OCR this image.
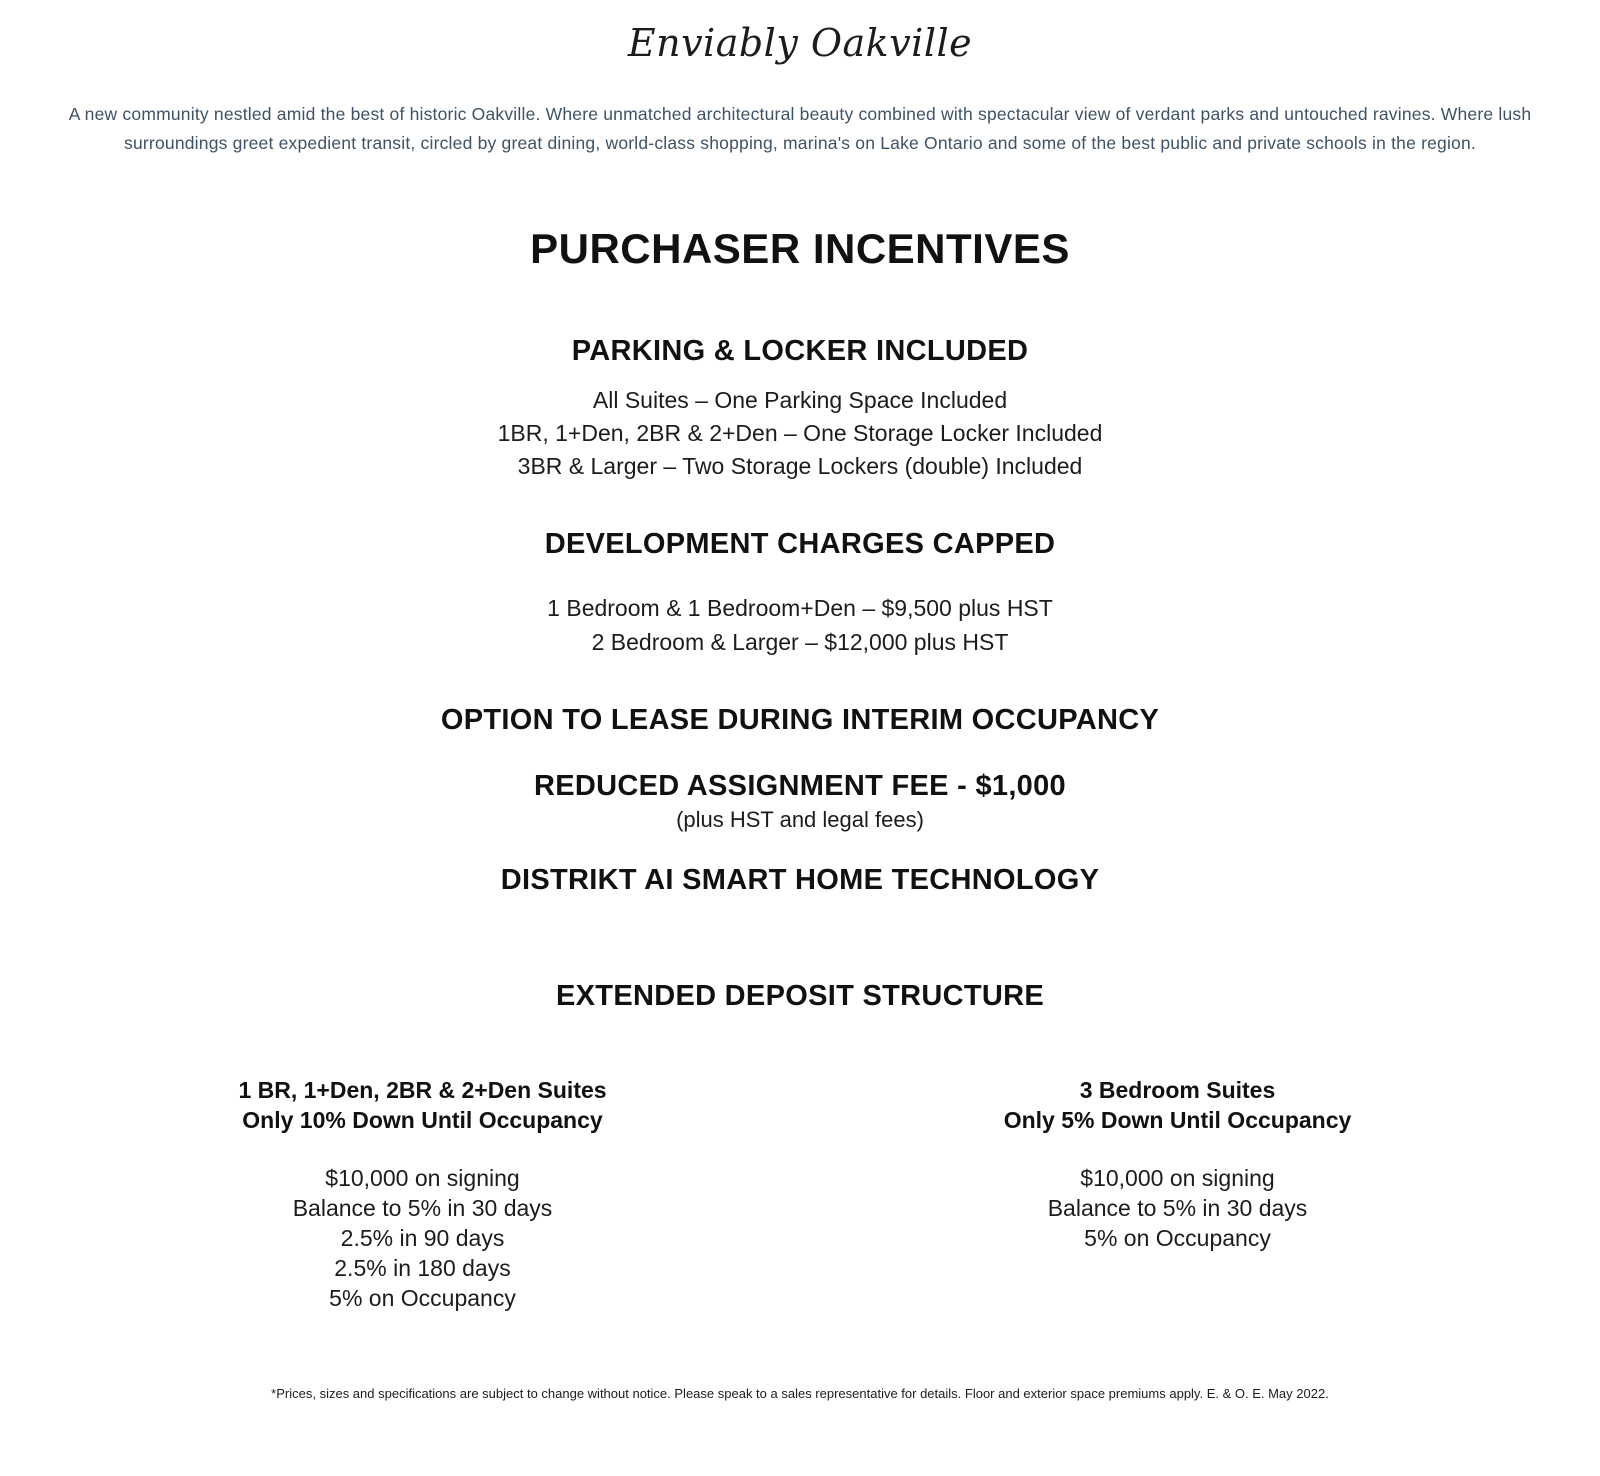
Enviably Oakville
A new community nestled amid the best of historic Oakville. Where unmatched architectural beauty combined with spectacular view of verdant parks and untouched ravines. Where lush surroundings greet expedient transit, circled by great dining, world-class shopping, marina's on Lake Ontario and some of the best public and private schools in the region.
PURCHASER INCENTIVES
PARKING & LOCKER INCLUDED
All Suites – One Parking Space Included
1BR, 1+Den, 2BR & 2+Den – One Storage Locker Included
3BR & Larger – Two Storage Lockers (double) Included
DEVELOPMENT CHARGES CAPPED
1 Bedroom & 1 Bedroom+Den – $9,500 plus HST
2 Bedroom & Larger – $12,000 plus HST
OPTION TO LEASE DURING INTERIM OCCUPANCY
REDUCED ASSIGNMENT FEE - $1,000
(plus HST and legal fees)
DISTRIKT AI SMART HOME TECHNOLOGY
EXTENDED DEPOSIT STRUCTURE
1 BR, 1+Den, 2BR & 2+Den Suites
Only 10% Down Until Occupancy
$10,000 on signing
Balance to 5% in 30 days
2.5% in 90 days
2.5% in 180 days
5% on Occupancy
3 Bedroom Suites
Only 5% Down Until Occupancy
$10,000 on signing
Balance to 5% in 30 days
5% on Occupancy
*Prices, sizes and specifications are subject to change without notice. Please speak to a sales representative for details. Floor and exterior space premiums apply. E. & O. E. May 2022.
